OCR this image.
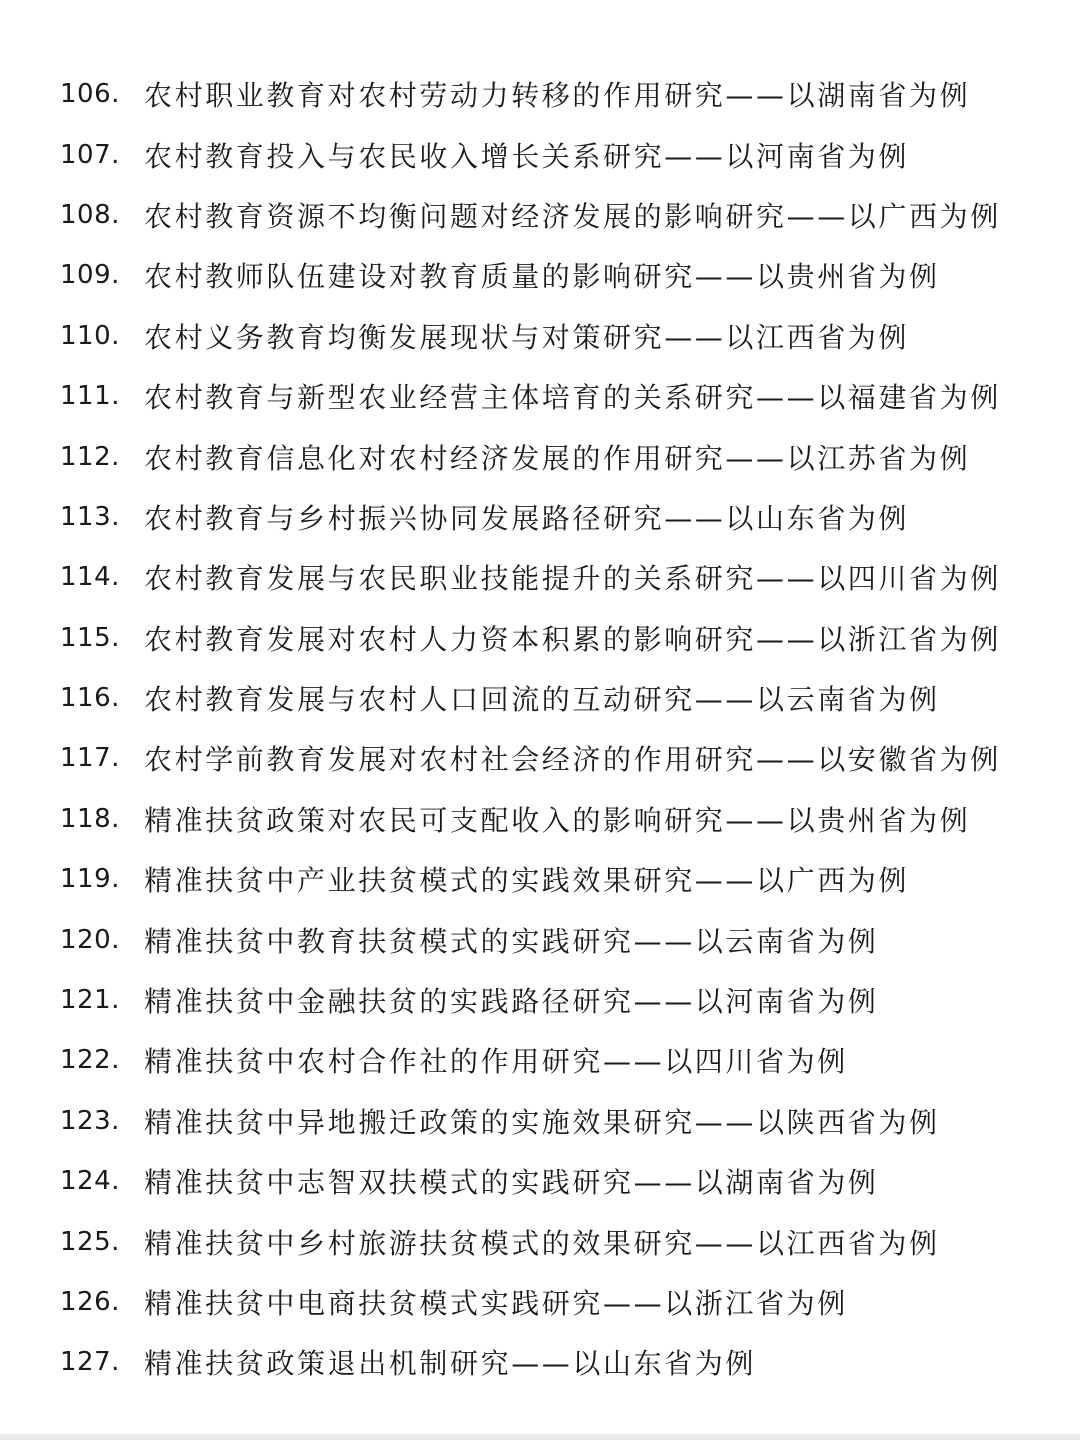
106. 农村职业教育对农村劳动力转移的作用研究——以湖南省为例
107. 农村教育投入与农民收入增长关系研究——以河南省为例
108. 农村教育资源不均衡问题对经济发展的影响研究——以广西为例
109. 农村教师队伍建设对教育质量的影响研究——以贵州省为例
110. 农村义务教育均衡发展现状与对策研究——以江西省为例
111. 农村教育与新型农业经营主体培育的关系研究——以福建省为例
112. 农村教育信息化对农村经济发展的作用研究——以江苏省为例
113. 农村教育与乡村振兴协同发展路径研究——以山东省为例
114. 农村教育发展与农民职业技能提升的关系研究——以四川省为例
115. 农村教育发展对农村人力资本积累的影响研究——以浙江省为例
116. 农村教育发展与农村人口回流的互动研究——以云南省为例
117. 农村学前教育发展对农村社会经济的作用研究——以安徽省为例
118. 精准扶贫政策对农民可支配收入的影响研究——以贵州省为例
119. 精准扶贫中产业扶贫模式的实践效果研究——以广西为例
120. 精准扶贫中教育扶贫模式的实践研究——以云南省为例
121. 精准扶贫中金融扶贫的实践路径研究——以河南省为例
122. 精准扶贫中农村合作社的作用研究——以四川省为例
123. 精准扶贫中异地搬迁政策的实施效果研究——以陕西省为例
124. 精准扶贫中志智双扶模式的实践研究——以湖南省为例
125. 精准扶贫中乡村旅游扶贫模式的效果研究——以江西省为例
126. 精准扶贫中电商扶贫模式实践研究——以浙江省为例
127. 精准扶贫政策退出机制研究——以山东省为例
